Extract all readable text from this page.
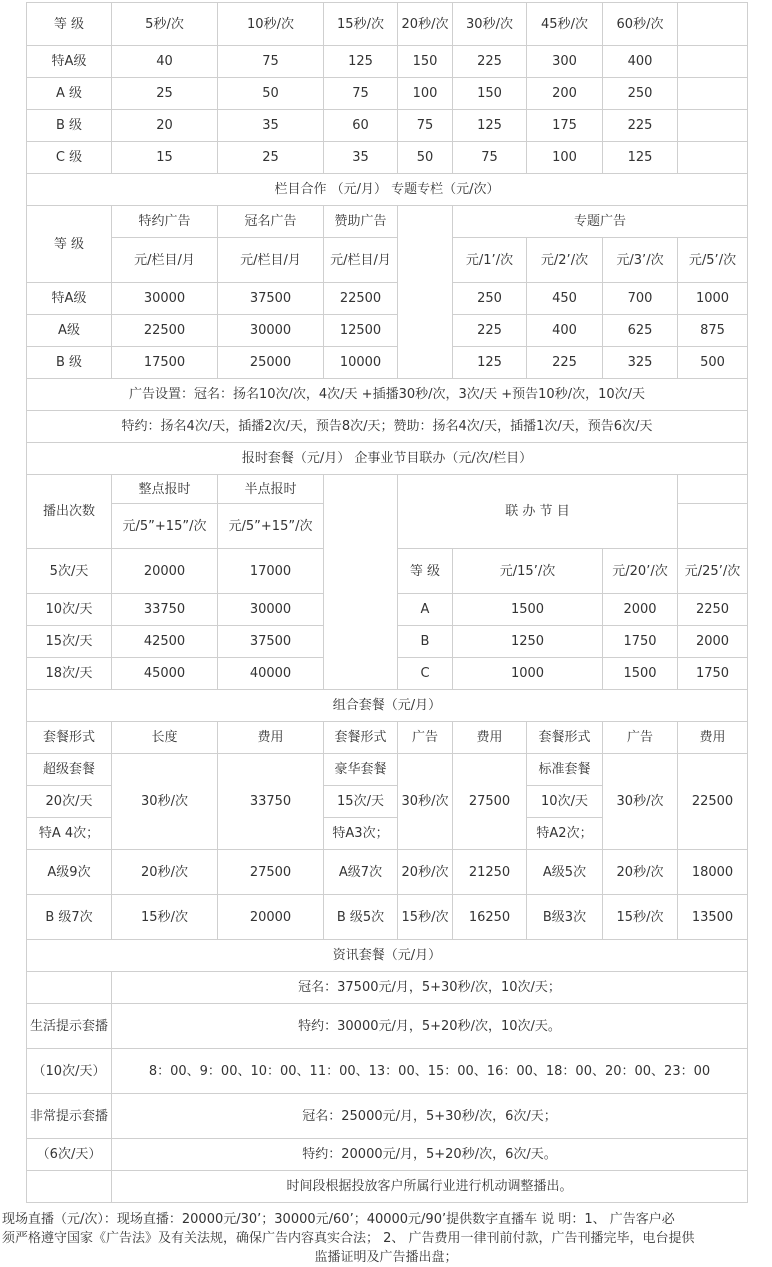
等 级	5秒/次	10秒/次	15秒/次	20秒/次	30秒/次	45秒/次	60秒/次		
特A级	40	75	125	150	225	300	400		
A 级	25	50	75	100	150	200	250		
B 级	20	35	60	75	125	175	225		
C 级	15	25	35	50	75	100	125		
栏目合作 （元/月） 专题专栏（元/次）									
等 级	特约广告	冠名广告	赞助广告		专题广告				
	元/栏目/月	元/栏目/月	元/栏目/月		元/1’/次	元/2’/次	元/3’/次	元/5’/次	
特A级	30000	37500	22500		250	450	700	1000	
A级	22500	30000	12500		225	400	625	875	
B 级	17500	25000	10000		125	225	325	500	
广告设置：冠名：扬名10次/次，4次/天 +插播30秒/次，3次/天 +预告10秒/次，10次/天									
特约：扬名4次/天，插播2次/天，预告8次/天；赞助：扬名4次/天，插播1次/天，预告6次/天									
报时套餐（元/月） 企事业节目联办（元/次/栏目）									
播出次数	整点报时	半点报时		联 办 节 目					
	元/5”+15”/次	元/5”+15”/次							
5次/天	20000	17000		等 级	元/15’/次		元/20’/次	元/25’/次	
10次/天	33750	30000		A	1500		2000	2250	
15次/天	42500	37500		B	1250		1750	2000	
18次/天	45000	40000		C	1000		1500	1750	
组合套餐（元/月）									
套餐形式	长度	费用	套餐形式	广告	费用	套餐形式	广告	费用	
超级套餐	30秒/次	33750	豪华套餐	30秒/次	27500	标准套餐	30秒/次	22500	
20次/天			15次/天			10次/天			
特A 4次；			特A3次；			特A2次；			
A级9次	20秒/次	27500	A级7次	20秒/次	21250	A级5次	20秒/次	18000	
B 级7次	15秒/次	20000	B 级5次	15秒/次	16250	B级3次	15秒/次	13500	
资讯套餐（元/月）									
	冠名：37500元/月，5+30秒/次，10次/天；								
生活提示套播	特约：30000元/月，5+20秒/次，10次/天。								
（10次/天）	8：00、9：00、10：00、11：00、13：00、15：00、16：00、18：00、20：00、23：00								
非常提示套播	冠名：25000元/月，5+30秒/次，6次/天；								
（6次/天）	特约：20000元/月，5+20秒/次，6次/天。								
	时间段根据投放客户所属行业进行机动调整播出。								
现场直播（元/次）：现场直播：20000元/30’；30000元/60’；40000元/90’提供数字直播车 说 明：1、 广告客户必
须严格遵守国家《广告法》及有关法规，确保广告内容真实合法； 2、 广告费用一律刊前付款，广告刊播完毕，电台提供
监播证明及广告播出盘；
